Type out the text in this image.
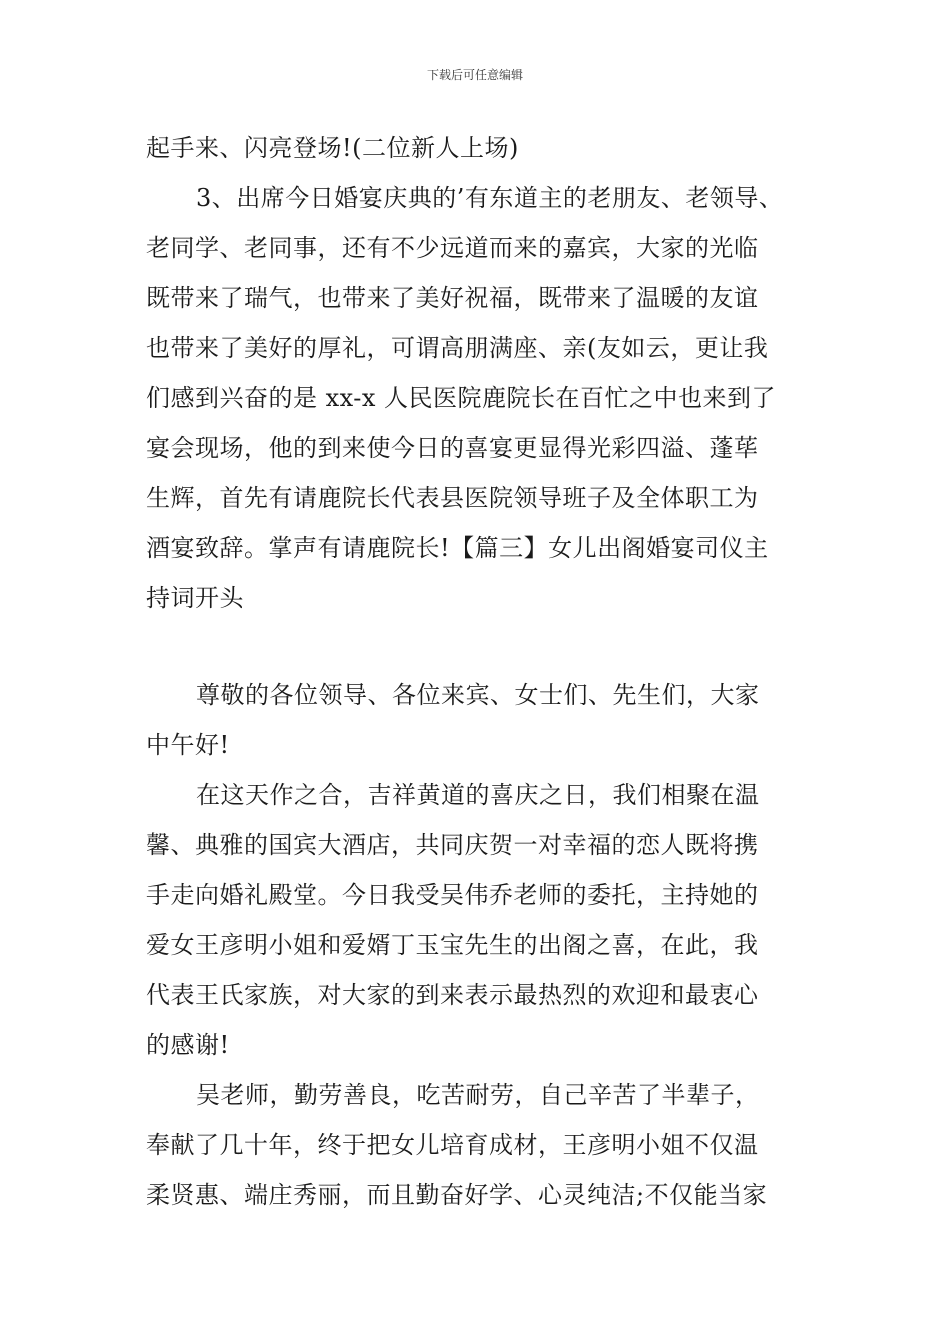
下载后可任意编辑
起手来、闪亮登场!(二位新人上场)
3、出席今日婚宴庆典的’有东道主的老朋友、老领导、
老同学、老同事，还有不少远道而来的嘉宾，大家的光临
既带来了瑞气，也带来了美好祝福，既带来了温暖的友谊
也带来了美好的厚礼，可谓高朋满座、亲(友如云，更让我
们感到兴奋的是 xx-x 人民医院鹿院长在百忙之中也来到了
宴会现场，他的到来使今日的喜宴更显得光彩四溢、蓬荜
生辉，首先有请鹿院长代表县医院领导班子及全体职工为
酒宴致辞。掌声有请鹿院长!【篇三】女儿出阁婚宴司仪主
持词开头
尊敬的各位领导、各位来宾、女士们、先生们，大家
中午好!
在这天作之合，吉祥黄道的喜庆之日，我们相聚在温
馨、典雅的国宾大酒店，共同庆贺一对幸福的恋人既将携
手走向婚礼殿堂。今日我受吴伟乔老师的委托，主持她的
爱女王彦明小姐和爱婿丁玉宝先生的出阁之喜，在此，我
代表王氏家族，对大家的到来表示最热烈的欢迎和最衷心
的感谢!
吴老师，勤劳善良，吃苦耐劳，自己辛苦了半辈子，
奉献了几十年，终于把女儿培育成材，王彦明小姐不仅温
柔贤惠、端庄秀丽，而且勤奋好学、心灵纯洁;不仅能当家
